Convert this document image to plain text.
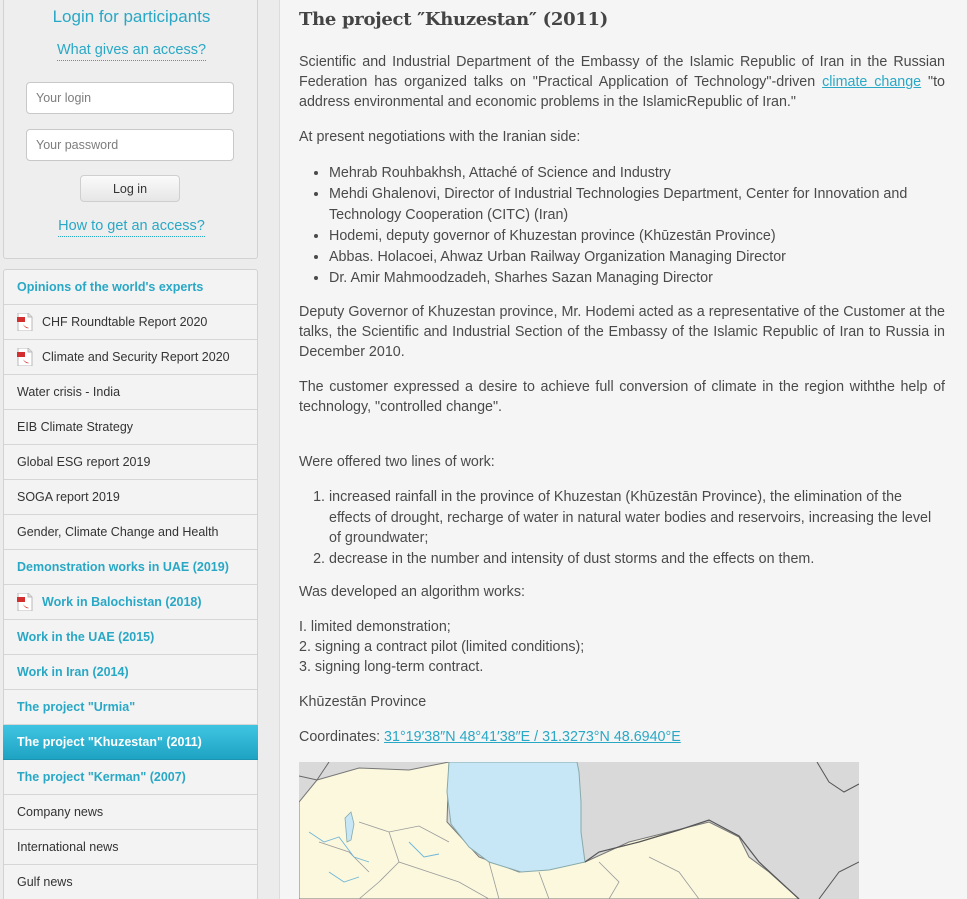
Login for participants
What gives an access?
Your login
Log in
How to get an access?
Opinions of the world's experts
CHF Roundtable Report 2020
Climate and Security Report 2020
Water crisis - India
EIB Climate Strategy
Global ESG report 2019
SOGA report 2019
Gender, Climate Change and Health
Demonstration works in UAE (2019)
Work in Balochistan (2018)
Work in the UAE (2015)
Work in Iran (2014)
The project "Urmia"
The project "Khuzestan" (2011)
The project "Kerman" (2007)
Company news
International news
Gulf news
The project ″Khuzestan″ (2011)
Scientific and Industrial Department of the Embassy of the Islamic Republic of Iran in the Russian Federation has organized talks on "Practical Application of Technology"-driven climate change "to address environmental and economic problems in the IslamicRepublic of Iran."
At present negotiations with the Iranian side:
• Mehrab Rouhbakhsh, Attaché of Science and Industry
• Mehdi Ghalenovi, Director of Industrial Technologies Department, Center for Innovation and Technology Cooperation (CITC) (Iran)
• Hodemi, deputy governor of Khuzestan province (Khūzestān Province)
• Abbas. Holacoei, Ahwaz Urban Railway Organization Managing Director
• Dr. Amir Mahmoodzadeh, Sharhes Sazan Managing Director
Deputy Governor of Khuzestan province, Mr. Hodemi acted as a representative of the Customer at the talks, the Scientific and Industrial Section of the Embassy of the Islamic Republic of Iran to Russia in December 2010.
The customer expressed a desire to achieve full conversion of climate in the region withthe help of technology, "controlled change".
Were offered two lines of work:
1. increased rainfall in the province of Khuzestan (Khūzestān Province), the elimination of the effects of drought, recharge of water in natural water bodies and reservoirs, increasing the level of groundwater;
2. decrease in the number and intensity of dust storms and the effects on them.
Was developed an algorithm works:
I. limited demonstration;
2. signing a contract pilot (limited conditions);
3. signing long-term contract.
Khūzestān Province
Coordinates: 31°19′38″N 48°41′38″E / 31.3273°N 48.6940°E
